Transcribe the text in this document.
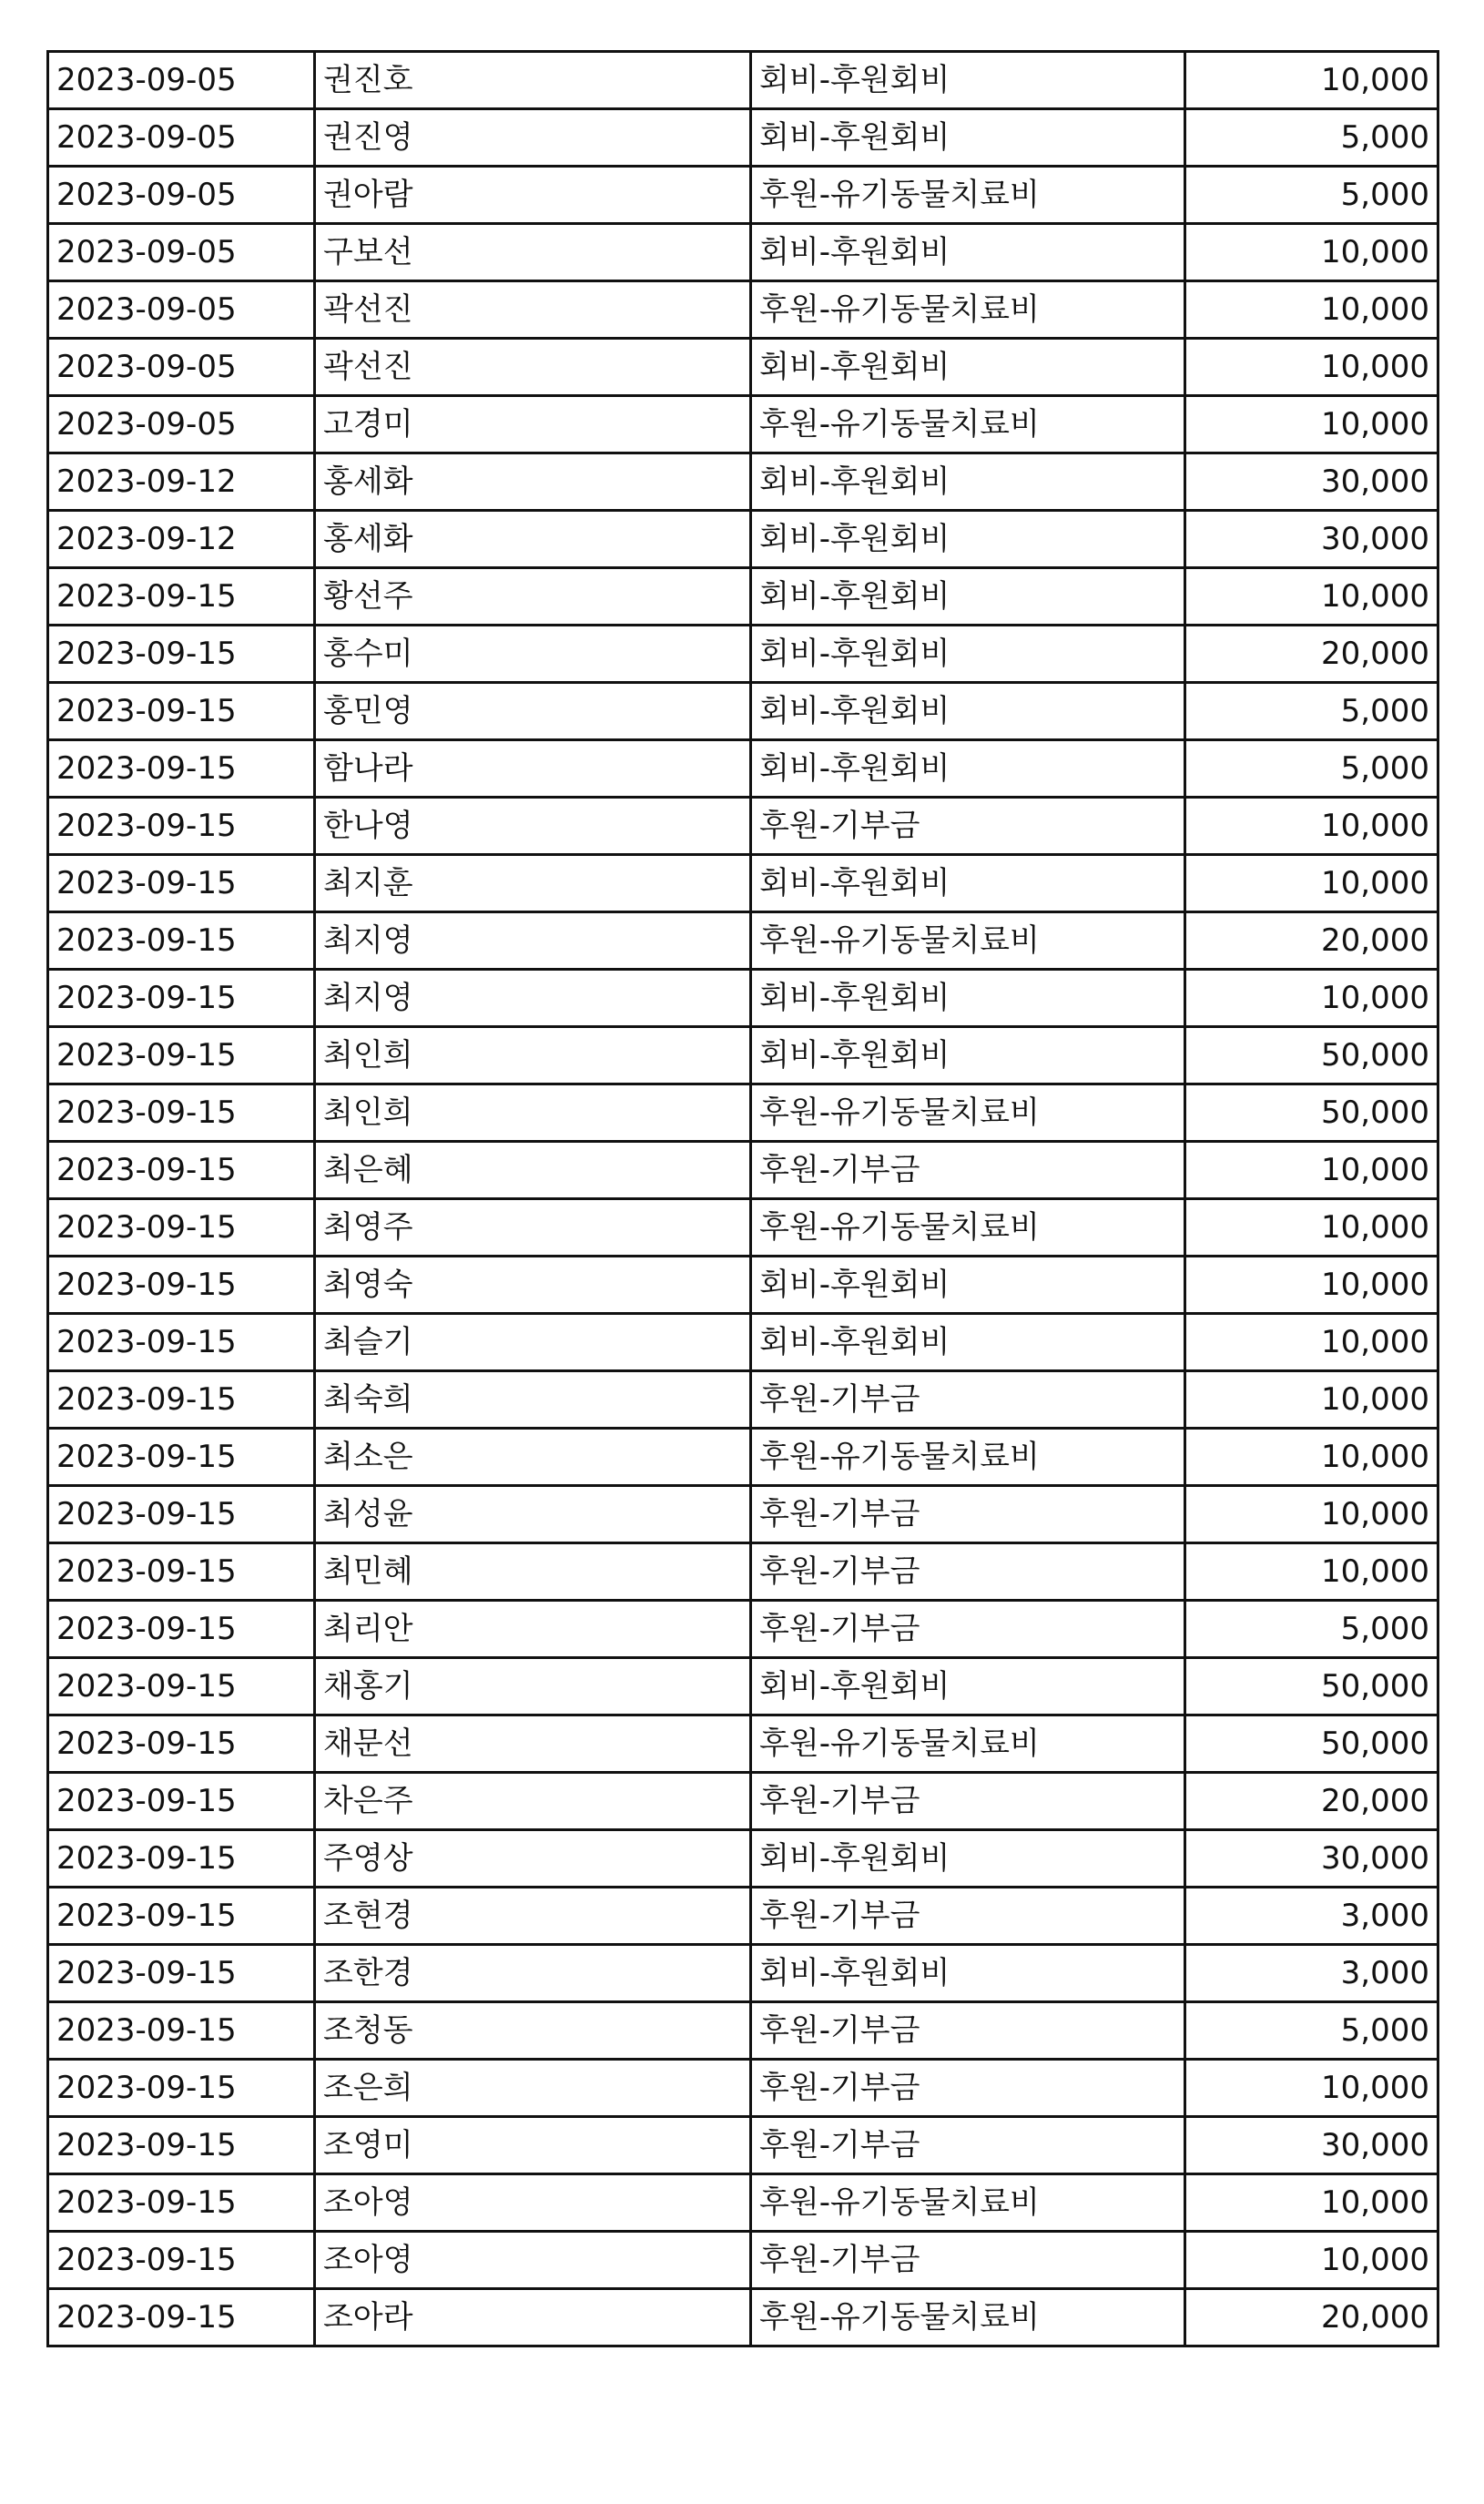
2023-09-05	권진호	회비-후원회비	10,000
2023-09-05	권진영	회비-후원회비	5,000
2023-09-05	권아람	후원-유기동물치료비	5,000
2023-09-05	구보선	회비-후원회비	10,000
2023-09-05	곽선진	후원-유기동물치료비	10,000
2023-09-05	곽선진	회비-후원회비	10,000
2023-09-05	고경미	후원-유기동물치료비	10,000
2023-09-12	홍세화	회비-후원회비	30,000
2023-09-12	홍세화	회비-후원회비	30,000
2023-09-15	황선주	회비-후원회비	10,000
2023-09-15	홍수미	회비-후원회비	20,000
2023-09-15	홍민영	회비-후원회비	5,000
2023-09-15	함나라	회비-후원회비	5,000
2023-09-15	한나영	후원-기부금	10,000
2023-09-15	최지훈	회비-후원회비	10,000
2023-09-15	최지영	후원-유기동물치료비	20,000
2023-09-15	최지영	회비-후원회비	10,000
2023-09-15	최인희	회비-후원회비	50,000
2023-09-15	최인희	후원-유기동물치료비	50,000
2023-09-15	최은혜	후원-기부금	10,000
2023-09-15	최영주	후원-유기동물치료비	10,000
2023-09-15	최영숙	회비-후원회비	10,000
2023-09-15	최슬기	회비-후원회비	10,000
2023-09-15	최숙희	후원-기부금	10,000
2023-09-15	최소은	후원-유기동물치료비	10,000
2023-09-15	최성윤	후원-기부금	10,000
2023-09-15	최민혜	후원-기부금	10,000
2023-09-15	최리안	후원-기부금	5,000
2023-09-15	채홍기	회비-후원회비	50,000
2023-09-15	채문선	후원-유기동물치료비	50,000
2023-09-15	차은주	후원-기부금	20,000
2023-09-15	주영상	회비-후원회비	30,000
2023-09-15	조현경	후원-기부금	3,000
2023-09-15	조한경	회비-후원회비	3,000
2023-09-15	조청동	후원-기부금	5,000
2023-09-15	조은희	후원-기부금	10,000
2023-09-15	조영미	후원-기부금	30,000
2023-09-15	조아영	후원-유기동물치료비	10,000
2023-09-15	조아영	후원-기부금	10,000
2023-09-15	조아라	후원-유기동물치료비	20,000
